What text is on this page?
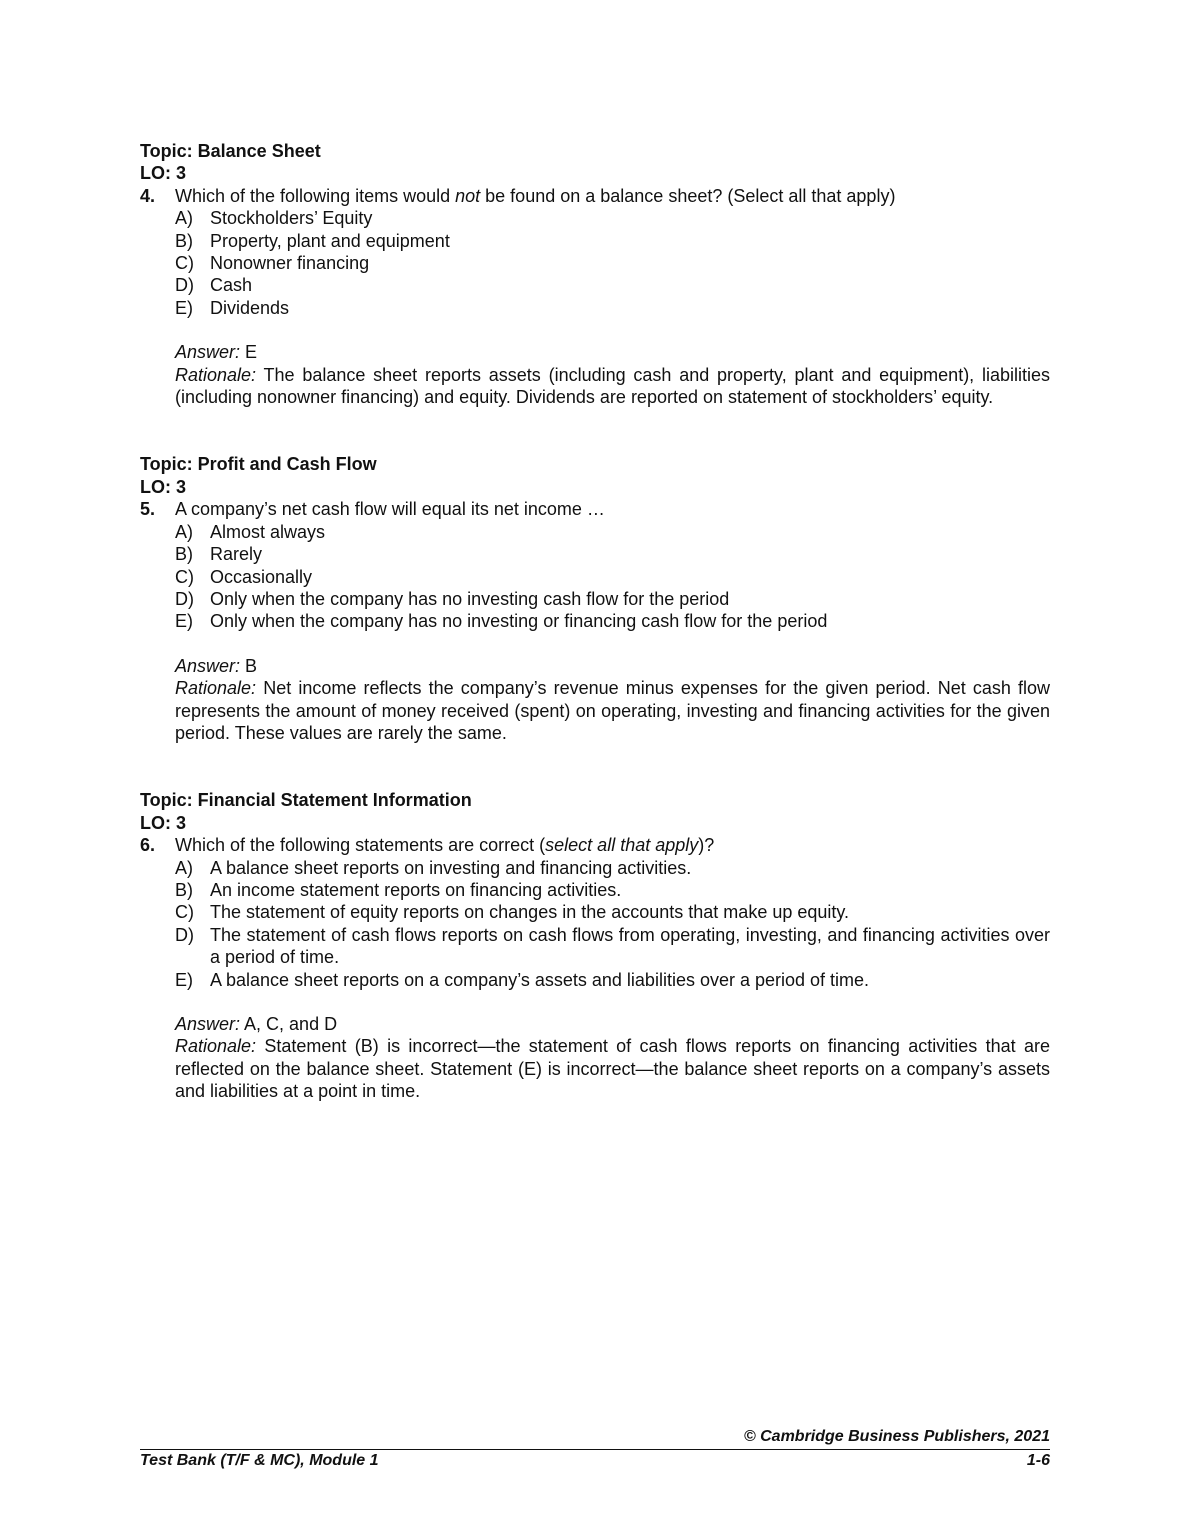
Topic: Balance Sheet
LO: 3
4.	Which of the following items would not be found on a balance sheet? (Select all that apply)
A) Stockholders’ Equity
B) Property, plant and equipment
C) Nonowner financing
D) Cash
E) Dividends
Answer: E
Rationale: The balance sheet reports assets (including cash and property, plant and equipment), liabilities (including nonowner financing) and equity. Dividends are reported on statement of stockholders’ equity.
Topic: Profit and Cash Flow
LO: 3
5.	A company’s net cash flow will equal its net income …
A) Almost always
B) Rarely
C) Occasionally
D) Only when the company has no investing cash flow for the period
E) Only when the company has no investing or financing cash flow for the period
Answer: B
Rationale: Net income reflects the company’s revenue minus expenses for the given period. Net cash flow represents the amount of money received (spent) on operating, investing and financing activities for the given period. These values are rarely the same.
Topic: Financial Statement Information
LO: 3
6.	Which of the following statements are correct (select all that apply)?
A) A balance sheet reports on investing and financing activities.
B) An income statement reports on financing activities.
C) The statement of equity reports on changes in the accounts that make up equity.
D) The statement of cash flows reports on cash flows from operating, investing, and financing activities over a period of time.
E) A balance sheet reports on a company’s assets and liabilities over a period of time.
Answer: A, C, and D
Rationale: Statement (B) is incorrect—the statement of cash flows reports on financing activities that are reflected on the balance sheet. Statement (E) is incorrect—the balance sheet reports on a company’s assets and liabilities at a point in time.
© Cambridge Business Publishers, 2021
Test Bank (T/F & MC), Module 1	1-6
